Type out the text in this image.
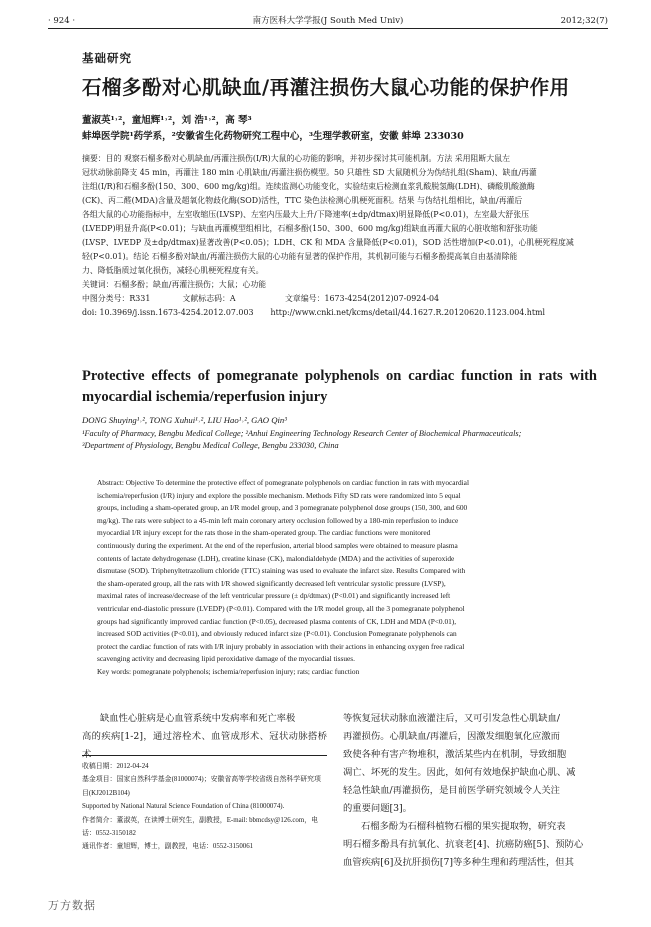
· 924 ·	南方医科大学学报(J South Med Univ)	2012;32(7)
基础研究
石榴多酚对心肌缺血/再灌注损伤大鼠心功能的保护作用
董淑英¹˒²，童旭辉¹˒²，刘 浩¹˒²，高 琴³
蚌埠医学院¹药学系，²安徽省生化药物研究工程中心，³生理学教研室，安徽 蚌埠 233030
摘要：目的 观察石榴多酚对心肌缺血/再灌注损伤(I/R)大鼠的心功能的影响，并初步探讨其可能机制。方法 采用阻断大鼠左
冠状动脉前降支 45 min，再灌注 180 min 心肌缺血/再灌注损伤模型。50 只雄性 SD 大鼠随机分为伪结扎组(Sham)、缺血/再灌
注组(I/R)和石榴多酚(150、300、600 mg/kg)组。连续监测心功能变化，实验结束后检测血浆乳酸脱氢酶(LDH)、磷酸肌酸激酶
(CK)、丙二醛(MDA)含量及超氧化物歧化酶(SOD)活性，TTC 染色法检测心肌梗死面积。结果 与伪结扎组相比，缺血/再灌后
各组大鼠的心功能指标中，左室收缩压(LVSP)、左室内压最大上升/下降速率(±dp/dtmax)明显降低(P<0.01)，左室最大舒张压
(LVEDP)明显升高(P<0.01)；与缺血再灌模型组相比，石榴多酚(150、300、600 mg/kg)组缺血再灌大鼠的心脏收缩和舒张功能
(LVSP、LVEDP 及±dp/dtmax)显著改善(P<0.05)；LDH、CK 和 MDA 含量降低(P<0.01)，SOD 活性增加(P<0.01)，心肌梗死程度减
轻(P<0.01)。结论 石榴多酚对缺血/再灌注损伤大鼠的心功能有显著的保护作用，其机制可能与石榴多酚提高氧自由基清除能
力、降低脂质过氧化损伤，减轻心肌梗死程度有关。
关键词：石榴多酚；缺血/再灌注损伤；大鼠；心功能
中图分类号：R331	文献标志码：A	文章编号：1673-4254(2012)07-0924-04
doi: 10.3969/j.issn.1673-4254.2012.07.003 http://www.cnki.net/kcms/detail/44.1627.R.20120620.1123.004.html
Protective effects of pomegranate polyphenols on cardiac function in rats with myocardial ischemia/reperfusion injury
DONG Shuying¹˒², TONG Xuhui¹˒², LIU Hao¹˒², GAO Qin³
¹Faculty of Pharmacy, Bengbu Medical College; ²Anhui Engineering Technology Research Center of Biochemical Pharmaceuticals;
³Department of Physiology, Bengbu Medical College, Bengbu 233030, China
Abstract: Objective To determine the protective effect of pomegranate polyphenols on cardiac function in rats with myocardial
ischemia/reperfusion (I/R) injury and explore the possible mechanism. Methods Fifty SD rats were randomized into 5 equal
groups, including a sham-operated group, an I/R model group, and 3 pomegranate polyphenol dose groups (150, 300, and 600
mg/kg). The rats were subject to a 45-min left main coronary artery occlusion followed by a 180-min reperfusion to induce
myocardial I/R injury except for the rats those in the sham-operated group. The cardiac functions were monitored
continuously during the experiment. At the end of the reperfusion, arterial blood samples were obtained to measure plasma
contents of lactate dehydrogenase (LDH), creatine kinase (CK), malondialdehyde (MDA) and the activities of superoxide
dismutase (SOD). Triphenyltetrazolium chloride (TTC) staining was used to evaluate the infarct size. Results Compared with
the sham-operated group, all the rats with I/R showed significantly decreased left ventricular systolic pressure (LVSP),
maximal rates of increase/decrease of the left ventricular pressure (± dp/dtmax) (P<0.01) and significantly increased left
ventricular end-diastolic pressure (LVEDP) (P<0.01). Compared with the I/R model group, all the 3 pomegranate polyphenol
groups had significantly improved cardiac function (P<0.05), decreased plasma contents of CK, LDH and MDA (P<0.01),
increased SOD activities (P<0.01), and obviously reduced infarct size (P<0.01). Conclusion Pomegranate polyphenols can
protect the cardiac function of rats with I/R injury probably in association with their actions in enhancing oxygen free radical
scavenging activity and decreasing lipid peroxidative damage of the myocardial tissues.
Key words: pomegranate polyphenols; ischemia/reperfusion injury; rats; cardiac function
缺血性心脏病是心血管系统中发病率和死亡率极
高的疾病[1-2]，通过溶栓术、血管成形术、冠状动脉搭桥术
收稿日期：2012-04-24
基金项目：国家自然科学基金(81000074)；安徽省高等学校省级自然科学研究项目(KJ2012B104)
Supported by National Natural Science Foundation of China (81000074).
作者简介：董淑英，在读博士研究生，副教授，E-mail: bbmcdsy@126.com，电话：0552-3150182
通讯作者：童旭辉，博士，副教授，电话：0552-3150061
等恢复冠状动脉血液灌注后，又可引发急性心肌缺血/
再灌损伤。心肌缺血/再灌后，因激发细胞氧化应激而
致使各种有害产物堆积，激活某些内在机制，导致细胞
凋亡、坏死的发生。因此，如何有效地保护缺血心肌、减
轻急性缺血/再灌损伤，是目前医学研究领域令人关注
的重要问题[3]。
石榴多酚为石榴科植物石榴的果实提取物，研究表
明石榴多酚具有抗氧化、抗衰老[4]、抗癌防癌[5]、预防心
血管疾病[6]及抗肝损伤[7]等多种生理和药理活性，但其
万方数据
